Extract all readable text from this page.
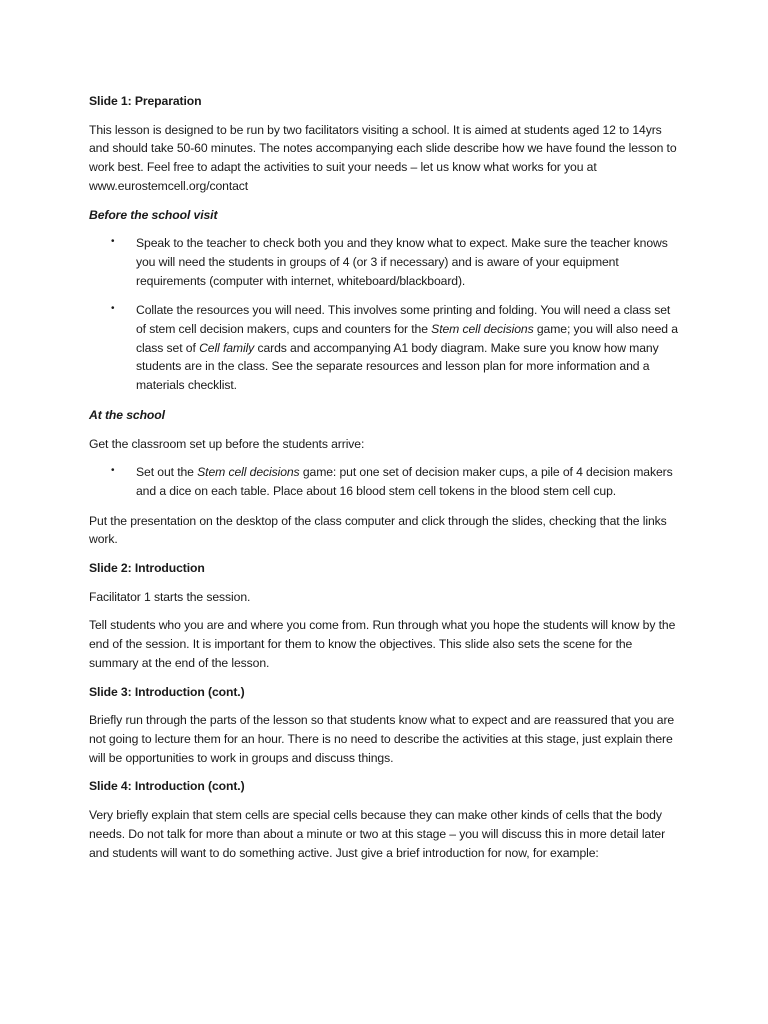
Slide 1: Preparation

This lesson is designed to be run by two facilitators visiting a school. It is aimed at students aged 12 to 14yrs and should take 50-60 minutes. The notes accompanying each slide describe how we have found the lesson to work best. Feel free to adapt the activities to suit your needs – let us know what works for you at www.eurostemcell.org/contact

Before the school visit

• Speak to the teacher to check both you and they know what to expect. Make sure the teacher knows you will need the students in groups of 4 (or 3 if necessary) and is aware of your equipment requirements (computer with internet, whiteboard/blackboard).
• Collate the resources you will need. This involves some printing and folding. You will need a class set of stem cell decision makers, cups and counters for the Stem cell decisions game; you will also need a class set of Cell family cards and accompanying A1 body diagram. Make sure you know how many students are in the class. See the separate resources and lesson plan for more information and a materials checklist.

At the school

Get the classroom set up before the students arrive:

• Set out the Stem cell decisions game: put one set of decision maker cups, a pile of 4 decision makers and a dice on each table. Place about 16 blood stem cell tokens in the blood stem cell cup.

Put the presentation on the desktop of the class computer and click through the slides, checking that the links work.

Slide 2: Introduction

Facilitator 1 starts the session.

Tell students who you are and where you come from. Run through what you hope the students will know by the end of the session. It is important for them to know the objectives. This slide also sets the scene for the summary at the end of the lesson.

Slide 3: Introduction (cont.)

Briefly run through the parts of the lesson so that students know what to expect and are reassured that you are not going to lecture them for an hour. There is no need to describe the activities at this stage, just explain there will be opportunities to work in groups and discuss things.

Slide 4: Introduction (cont.)

Very briefly explain that stem cells are special cells because they can make other kinds of cells that the body needs. Do not talk for more than about a minute or two at this stage – you will discuss this in more detail later and students will want to do something active. Just give a brief introduction for now, for example:
